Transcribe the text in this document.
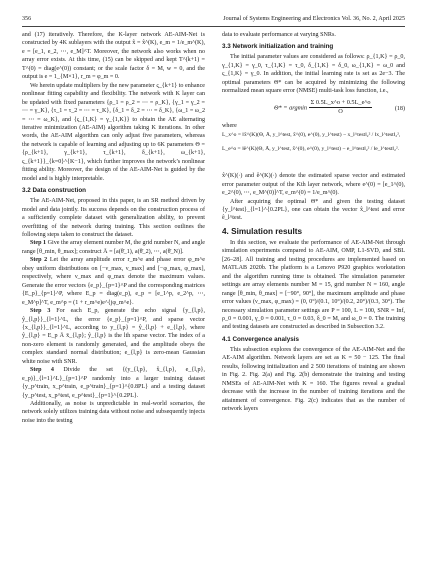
356	Journal of Systems Engineering and Electronics Vol. 36, No. 2, April 2025

and (17) iteratively. Therefore, the K-layer network AE-AIM-Net is constructed by 4K sublayers with the output x̂ = x̂^(K), e_m = 1/e_m^(K), e = [e_1, e_2, ⋯, e_M]^T. Moreover, the network also works when no array error exists. At this time, (15) can be skipped and kept T^(k+1) = T^(0) = diag(e^(0)) constant; or the scale factor δ = M, w = 0, and the output is e = 1_{M×1}, r_m = φ_m = 0.

We herein update multipliers by the new parameter ς_{k+1} to enhance nonlinear fitting capability and flexibility. The network with K layer can be updated with fixed parameters {ρ_1 = ρ_2 = ⋯ = ρ_K}, {γ_1 = γ_2 = ⋯ = γ_K}, {τ_1 = τ_2 = ⋯ = τ_K}, {δ_1 = δ_2 = ⋯ = δ_K}, {ω_1 = ω_2 = ⋯ = ω_K}, and {ς_{1,K} = γ_{1,K}} to obtain the AE alternating iterative minimization (AE-AIM) algorithm taking K iterations. In other words, the AE-AIM algorithm can only adjust five parameters, whereas the network is capable of learning and adjusting up to 6K parameters Θ = {ρ_{k+1}, γ_{k+1}, τ_{k+1}, δ_{k+1}, ω_{k+1}, ς_{k+1}}_{k=0}^{K−1}, which further improves the network’s nonlinear fitting ability. Moreover, the design of the AE-AIM-Net is guided by the model and is highly interpretable.

3.2 Data construction

The AE-AIM-Net, proposed in this paper, is an SR method driven by model and data jointly. Its success depends on the construction process of a sufficiently complete dataset with generalization ability, to prevent overfitting of the network during training. This section outlines the following steps taken to construct the dataset.

Step 1 Give the array element number M, the grid number N, and angle range [θ_min, θ_max]; construct Ā = [a(θ̄_1), a(θ̄_2), ⋯, a(θ̄_N)].

Step 2 Let the array amplitude error r_m^e and phase error φ_m^e obey uniform distributions on [−ν_max, ν_max] and [−φ_max, φ_max], respectively, where ν_max and φ_max denote the maximum values. Generate the error vectors {e_p}_{p=1}^P and the corresponding matrices {E_p}_{p=1}^P, where E_p = diag(e_p), e_p = [e_1^p, e_2^p, ⋯, e_M^p]^T, e_m^p = (1 + r_m^e)e^{jφ_m^e}.

Step 3 For each E_p, generate the echo signal {y_{l,p}, ŷ_{l,p}}_{l=1}^L, the error {e_p}_{p=1}^P, and sparse vector {x_{l,p}}_{l=1}^L, according to y_{l,p} = ŷ_{l,p} + e_{l,p}, where ŷ_{l,p} = E_p Ā x̄_{l,p}; ŷ_{l,p} is the lth sparse vector. The index of a non-zero element is randomly generated, and the amplitude obeys the complex standard normal distribution; e_{l,p} is zero-mean Gaussian white noise with SNR.

Step 4 Divide the set {(y_{l,p}, x̂_{l,p}, e_{l,p}, e_p)}_{l=1}^L}_{p=1}^P randomly into a larger training dataset {y_p^train, x_p^train, e_p^train}_{p=1}^{0.8PL} and a testing dataset {y_p^test, x_p^test, e_p^test}_{p=1}^{0.2PL}.

Additionally, as noise is unpredictable in real-world scenarios, the network solely utilizes training data without noise and subsequently injects noise into the testing

data to evaluate performance at varying SNRs.

3.3 Network initialization and training

The initial parameter values are considered as follows: ρ_{1,K} = ρ_0, γ_{1,K} = γ_0, τ_{1,K} = τ_0, δ_{1,K} = δ_0, ω_{1,K} = ω_0 and ς_{1,K} = γ_0. In addition, the initial learning rate is set as 2e−3. The optimal parameters Θ* can be acquired by minimizing the following normalized mean square error (NMSE) multi-task loss function, i.e.,

Θ* = argmin $\frac{\Sigma 0.5L\_x\^{}o + 0.5L\_e\^{}o}{O}$	(18)

where

L_x^o = ‖x̂^(K)(Θ, Ā, y_l^test, x̂^(0), e^(0), y_l^test) − x_l^test‖₂² / ‖x_l^test‖₂²,
L_e^o = ‖ê^(K)(Θ, Ā, y_l^test, x̂^(0), e^(0), y_l^test) − e_l^test‖₂² / ‖e_l^test‖₂².

x̂^(K)(·) and ê^(K)(·) denote the estimated sparse vector and estimated error parameter output of the Kth layer network, where e^(0) = [e_1^(0), e_2^(0), ⋯, e_M^(0)]^T, e_m^(0) = 1/e_m^(0).

After acquiring the optimal Θ* and given the testing dataset {y_l^test}_{l=1}^{0.2PL}, one can obtain the vector x̂_l^test and error ê_l^test.

4. Simulation results

In this section, we evaluate the performance of AE-AIM-Net through simulation experiments compared to AE-AIM, OMP, L1-SVD, and SBL [26–28]. All training and testing procedures are implemented based on MATLAB 2020b. The platform is a Lenovo P920 graphics workstation and the algorithm running time is obtained. The simulation parameter settings are array elements number M = 15, grid number N = 160, angle range [θ_min, θ_max] = [−90°, 90°], the maximum amplitude and phase error values (ν_max, φ_max) = (0, 0°)/(0.1, 10°)/(0.2, 20°)/(0.3, 30°). The necessary simulation parameter settings are P = 100, L = 100, SNR = Inf, ρ_0 = 0.001, γ_0 = 0.001, τ_0 = 0.03, δ_0 = M, and ω_0 = 0. The training and testing datasets are constructed as described in Subsection 3.2.

4.1 Convergence analysis

This subsection explores the convergence of the AE-AIM-Net and the AE-AIM algorithm. Network layers are set as K = 50 − 125. The final results, following initialization and 2 500 iterations of training are shown in Fig. 2. Fig. 2(a) and Fig. 2(b) demonstrate the training and testing NMSEs of AE-AIM-Net with K = 160. The figures reveal a gradual decrease with the increase in the number of training iterations and the attainment of convergence. Fig. 2(c) indicates that as the number of network layers
